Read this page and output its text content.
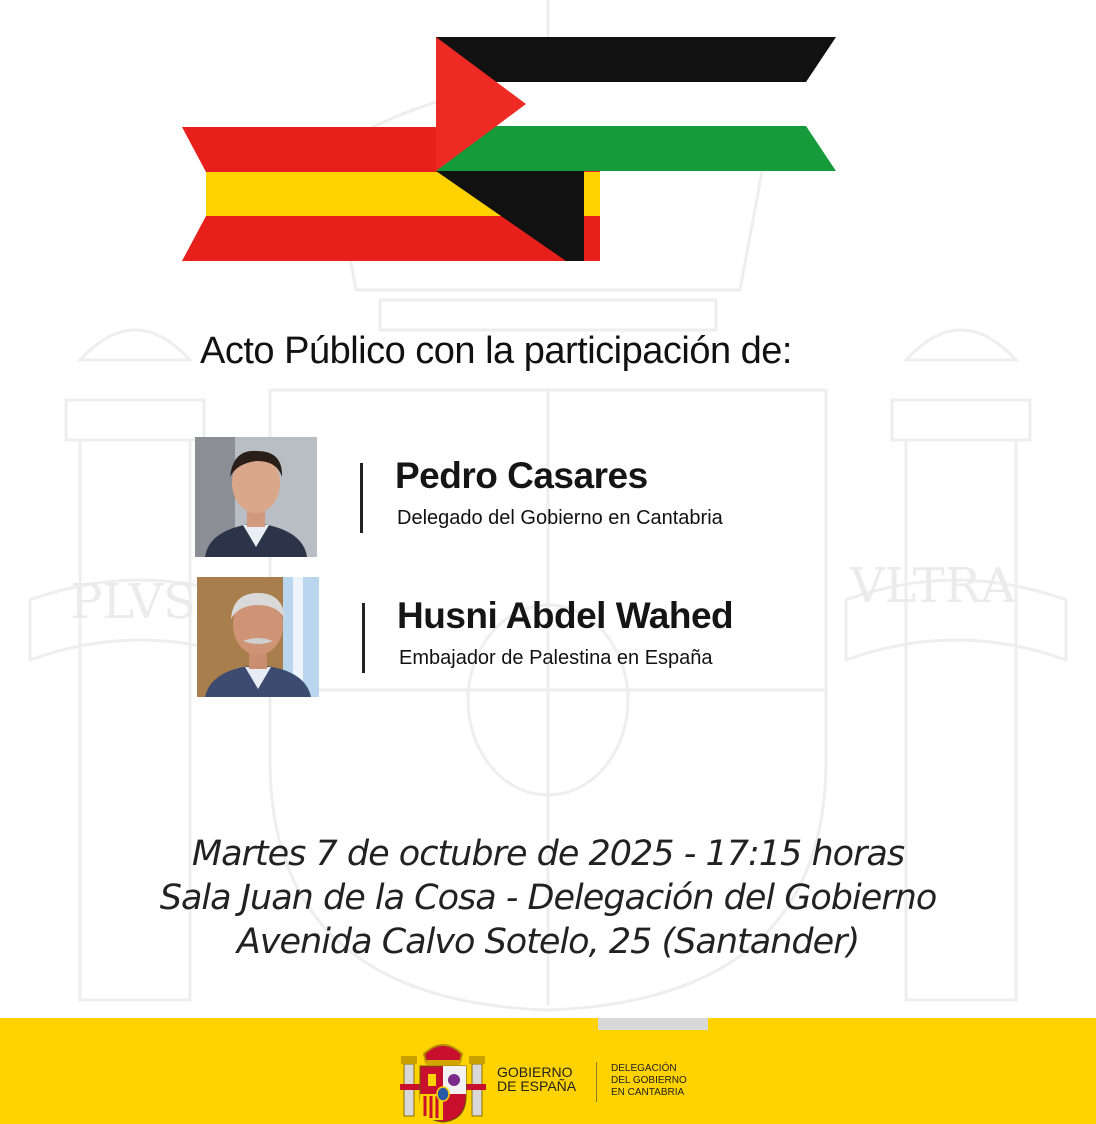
PLVS	VLTRA
Acto Público con la participación de:
Pedro Casares
Delegado del Gobierno en Cantabria
Husni Abdel Wahed
Embajador de Palestina en España
Martes 7 de octubre de 2025 - 17:15 horas
Sala Juan de la Cosa - Delegación del Gobierno
Avenida Calvo Sotelo, 25 (Santander)
GOBIERNO
DE ESPAÑA
DELEGACIÓN
DEL GOBIERNO
EN CANTABRIA
